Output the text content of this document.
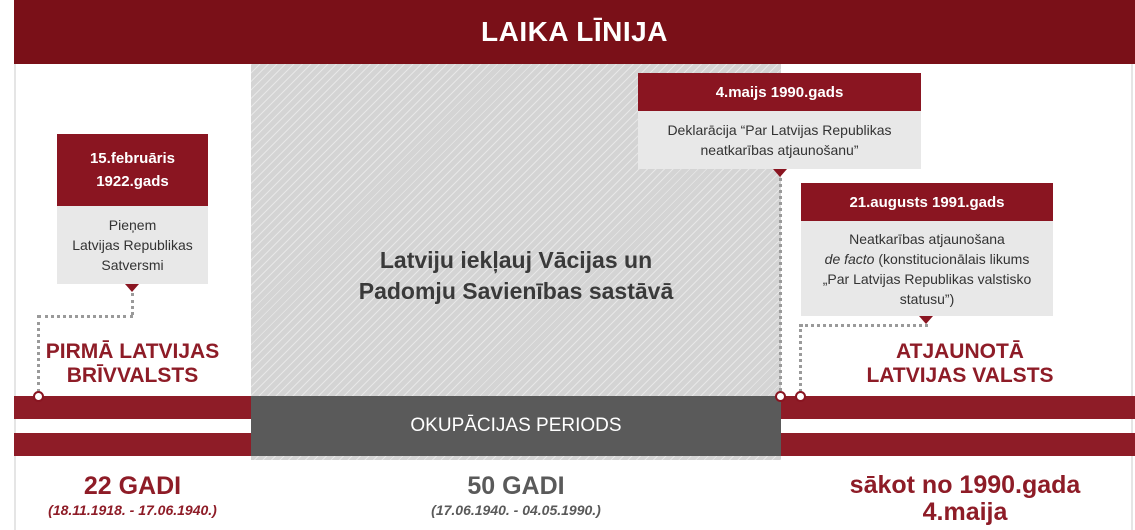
LAIKA LĪNIJA
Latviju iekļauj Vācijas un
Padomju Savienības sastāvā
OKUPĀCIJAS PERIODS
15.februāris
1922.gads
Pieņem
Latvijas Republikas
Satversmi
PIRMĀ LATVIJAS
BRĪVVALSTS
22 GADI
(18.11.1918. - 17.06.1940.)
50 GADI
(17.06.1940. - 04.05.1990.)
4.maijs 1990.gads
Deklarācija “Par Latvijas Republikas
neatkarības atjaunošanu”
21.augusts 1991.gads
Neatkarības atjaunošana
de facto (konstitucionālais likums
„Par Latvijas Republikas valstisko
statusu”)
ATJAUNOTĀ
LATVIJAS VALSTS
sākot no 1990.gada
4.maija
